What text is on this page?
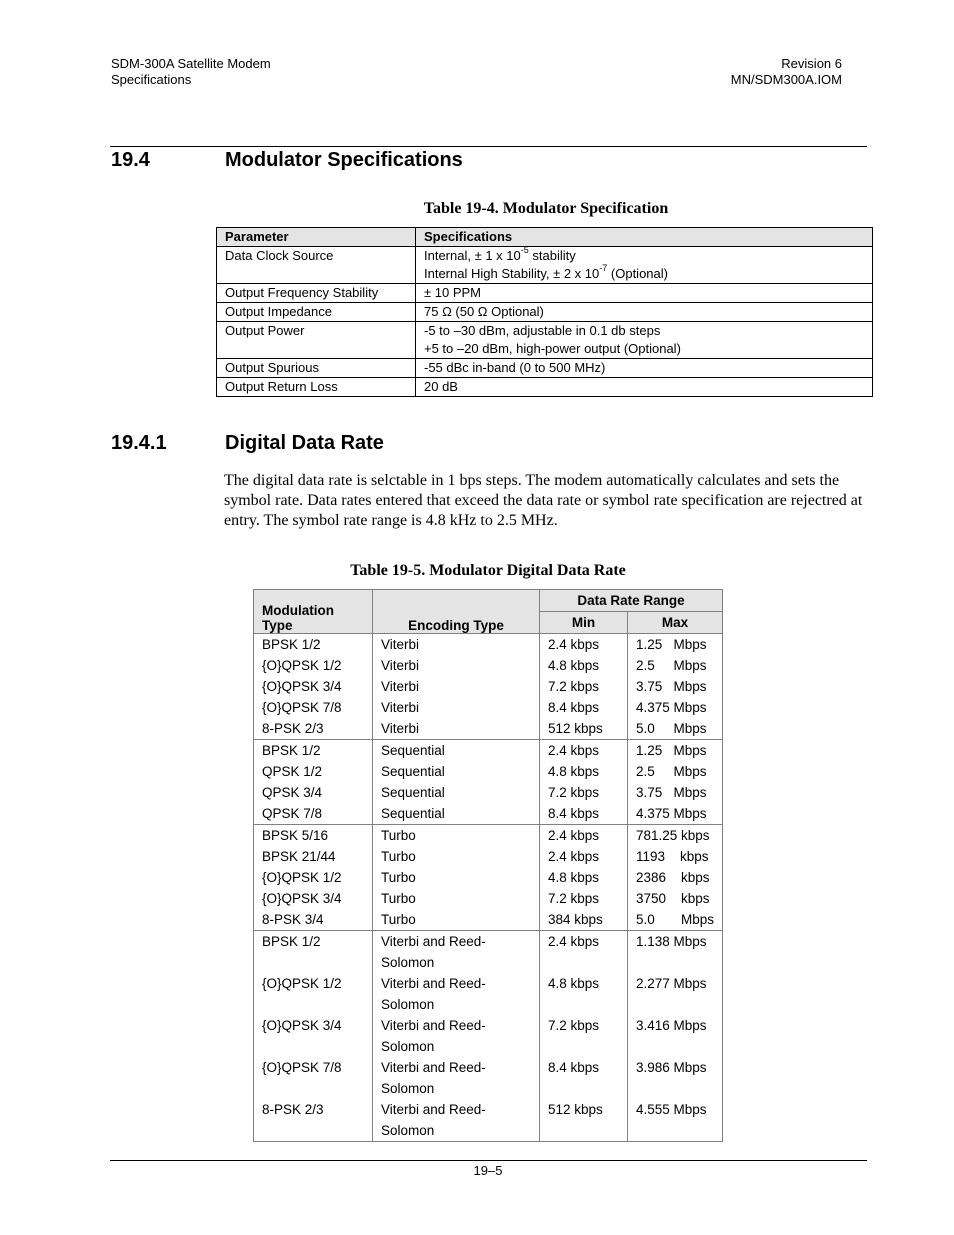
SDM-300A Satellite Modem
Specifications
Revision 6
MN/SDM300A.IOM
19.4	Modulator Specifications
Table 19-4. Modulator Specification
Parameter	Specifications
Data Clock Source	Internal, ± 1 x $10^{-5}$ stability
Internal High Stability, ± 2 x $10^{-7}$ (Optional)

Output Frequency Stability	± 10 PPM
Output Impedance	75 Ω (50 Ω Optional)
Output Power	-5 to –30 dBm, adjustable in 0.1 db steps
+5 to –20 dBm, high-power output (Optional)

Output Spurious	-55 dBc in-band (0 to 500 MHz)
Output Return Loss	20 dB
19.4.1	Digital Data Rate
The digital data rate is selctable in 1 bps steps. The modem automatically calculates and sets the symbol rate. Data rates entered that exceed the data rate or symbol rate specification are rejectred at entry. The symbol rate range is 4.8 kHz to 2.5 MHz.
Table 19-5. Modulator Digital Data Rate
Modulation Type	Encoding Type	Data Rate Range	
		Min	Max
BPSK 1/2	Viterbi	2.4 kbps	1.25   Mbps
{O}QPSK 1/2	Viterbi	4.8 kbps	2.5     Mbps
{O}QPSK 3/4	Viterbi	7.2 kbps	3.75   Mbps
{O}QPSK 7/8	Viterbi	8.4 kbps	4.375 Mbps
8-PSK 2/3	Viterbi	512 kbps	5.0     Mbps
BPSK 1/2	Sequential	2.4 kbps	1.25   Mbps
QPSK 1/2	Sequential	4.8 kbps	2.5     Mbps
QPSK 3/4	Sequential	7.2 kbps	3.75   Mbps
QPSK 7/8	Sequential	8.4 kbps	4.375 Mbps
BPSK 5/16	Turbo	2.4 kbps	781.25 kbps
BPSK 21/44	Turbo	2.4 kbps	1193    kbps
{O}QPSK 1/2	Turbo	4.8 kbps	2386    kbps
{O}QPSK 3/4	Turbo	7.2 kbps	3750    kbps
8-PSK 3/4	Turbo	384 kbps	5.0       Mbps
BPSK 1/2	Viterbi and Reed-Solomon	2.4 kbps	1.138 Mbps
{O}QPSK 1/2	Viterbi and Reed-Solomon	4.8 kbps	2.277 Mbps
{O}QPSK 3/4	Viterbi and Reed-Solomon	7.2 kbps	3.416 Mbps
{O}QPSK 7/8	Viterbi and Reed-Solomon	8.4 kbps	3.986 Mbps
8-PSK 2/3	Viterbi and Reed-Solomon	512 kbps	4.555 Mbps
19–5
